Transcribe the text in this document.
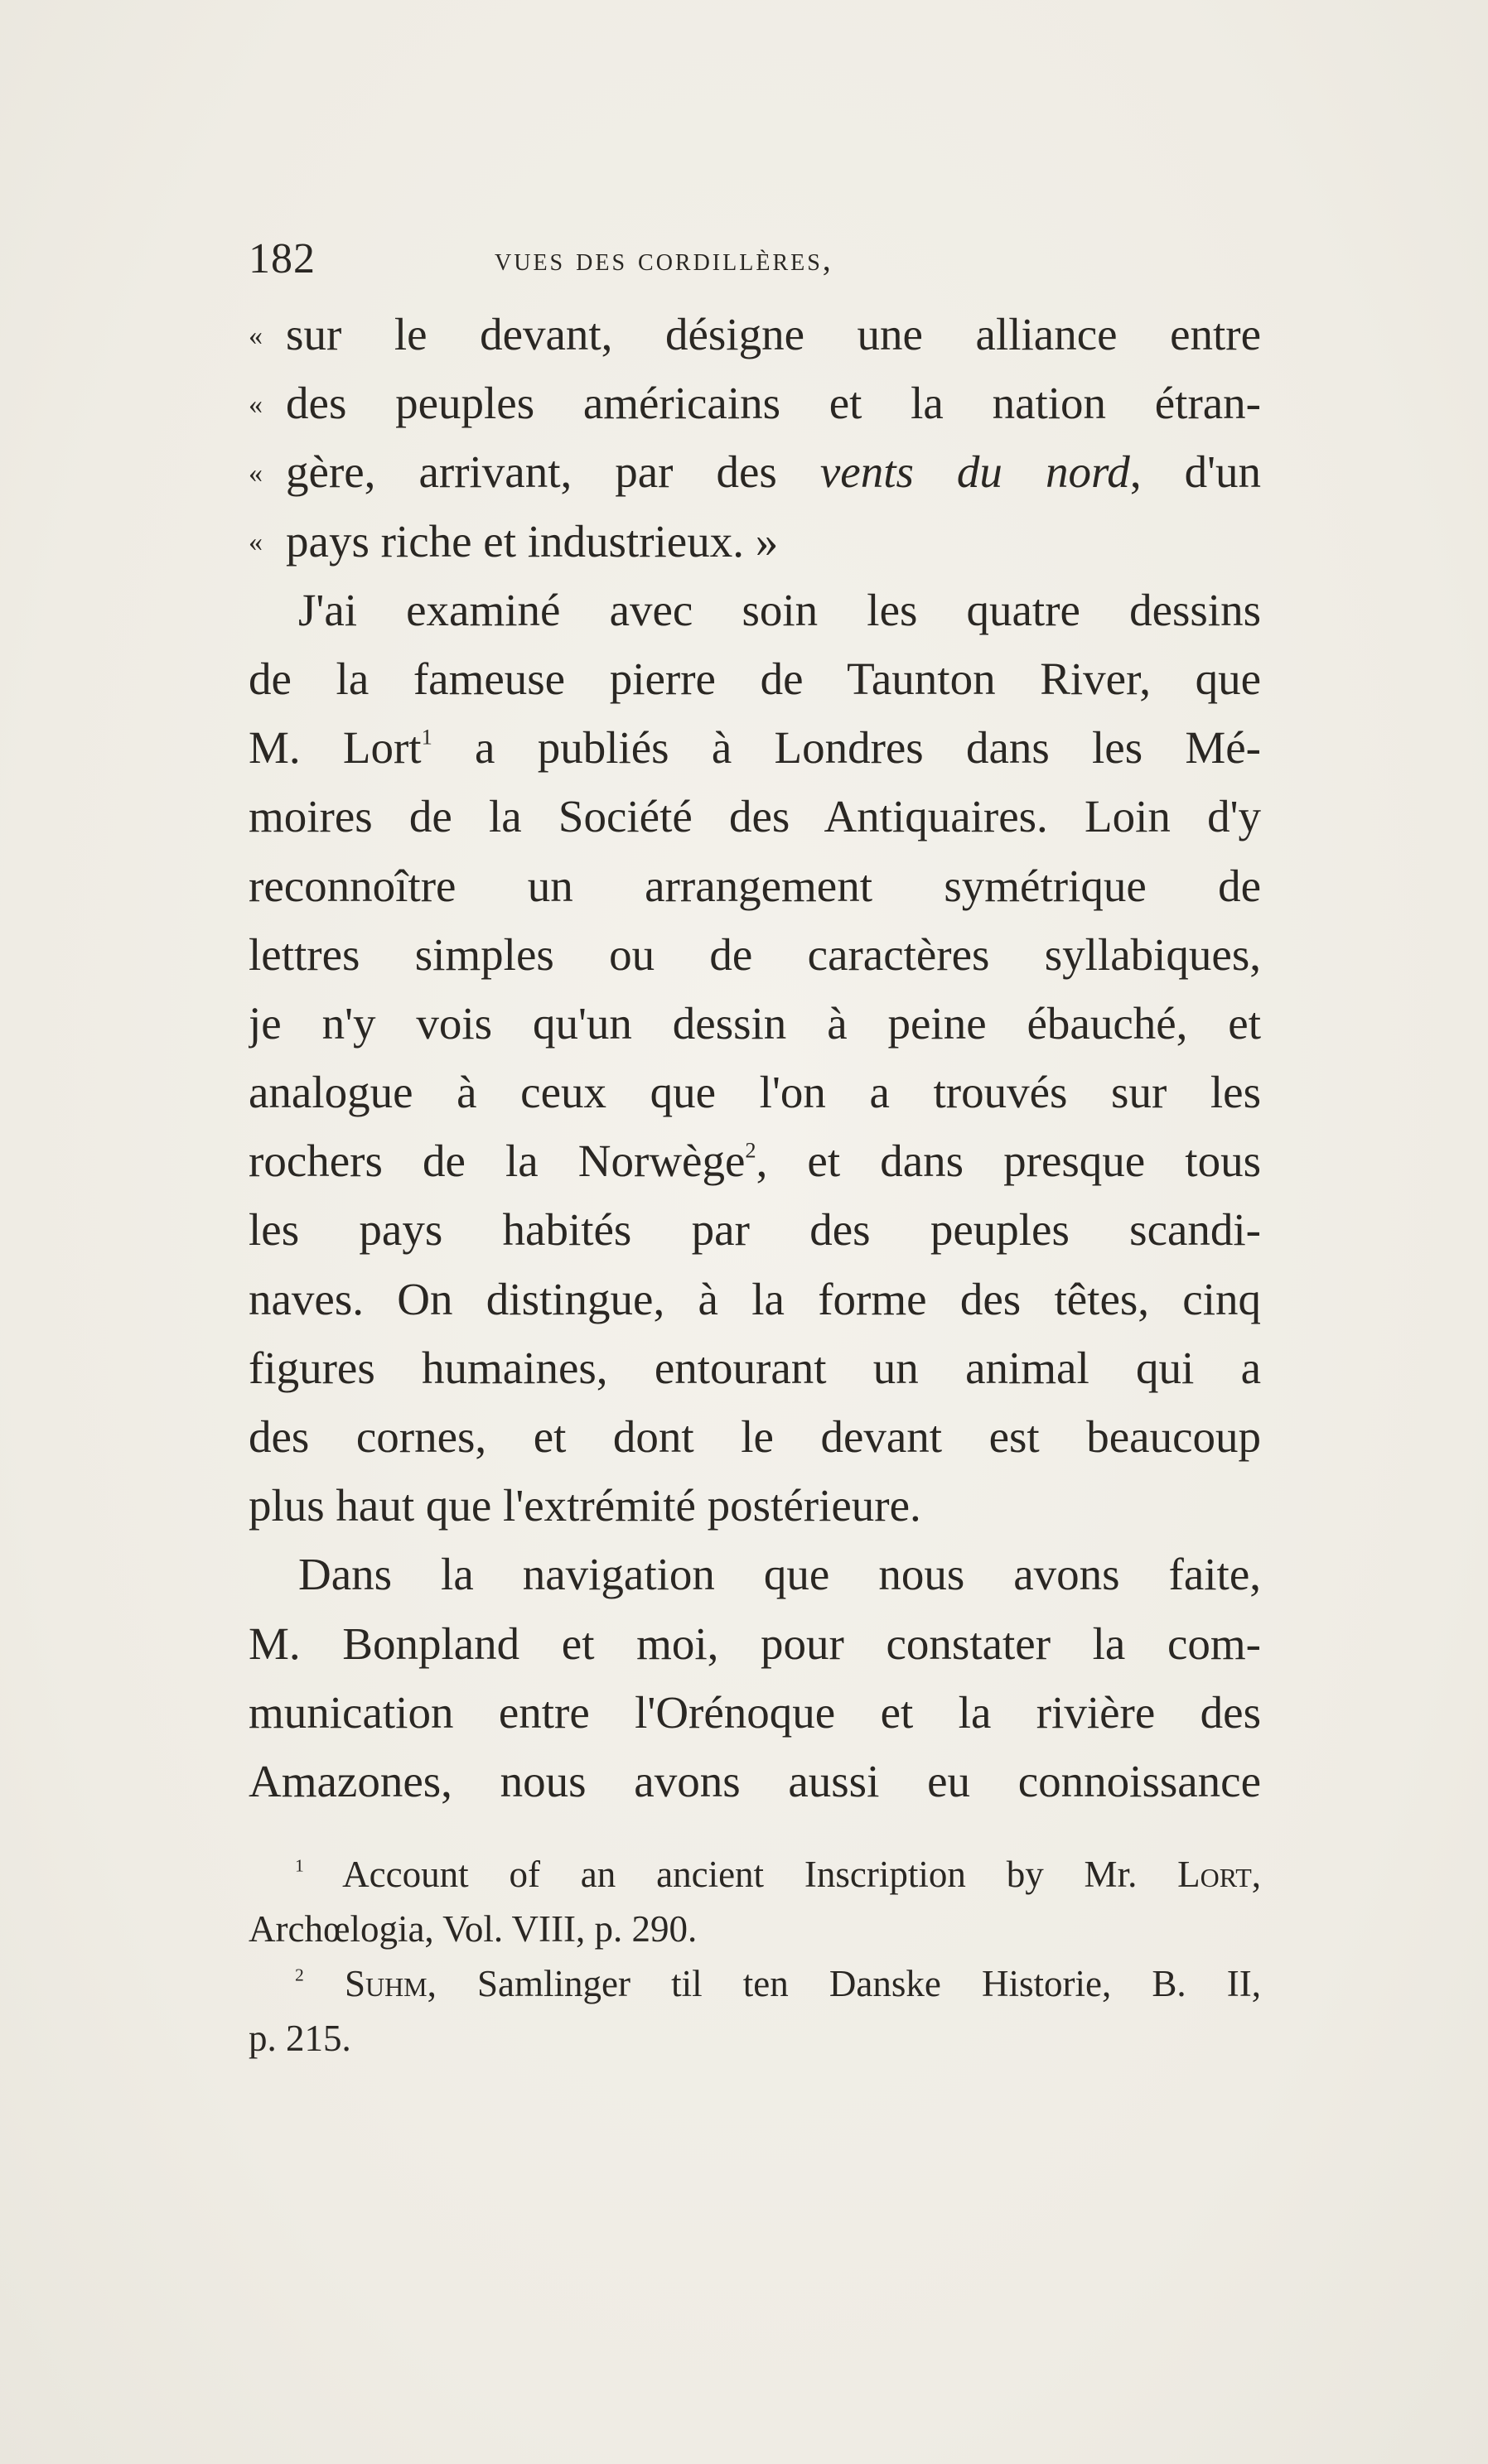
182	vues des cordillères,
« sur le devant, désigne une alliance entre
« des peuples américains et la nation étran-
« gère, arrivant, par des vents du nord, d'un
« pays riche et industrieux. »
J'ai examiné avec soin les quatre dessins
de la fameuse pierre de Taunton River, que
M. Lort$^1$ a publiés à Londres dans les Mé-
moires de la Société des Antiquaires. Loin d'y
reconnoître un arrangement symétrique de
lettres simples ou de caractères syllabiques,
je n'y vois qu'un dessin à peine ébauché, et
analogue à ceux que l'on a trouvés sur les
rochers de la Norwège$^2$, et dans presque tous
les pays habités par des peuples scandi-
naves. On distingue, à la forme des têtes, cinq
figures humaines, entourant un animal qui a
des cornes, et dont le devant est beaucoup
plus haut que l'extrémité postérieure.
Dans la navigation que nous avons faite,
M. Bonpland et moi, pour constater la com-
munication entre l'Orénoque et la rivière des
Amazones, nous avons aussi eu connoissance
$^1$ Account of an ancient Inscription by Mr. Lort,
Archœlogia, Vol. VIII, p. 290.
$^2$ Suhm, Samlinger til ten Danske Historie, B. II,
p. 215.
